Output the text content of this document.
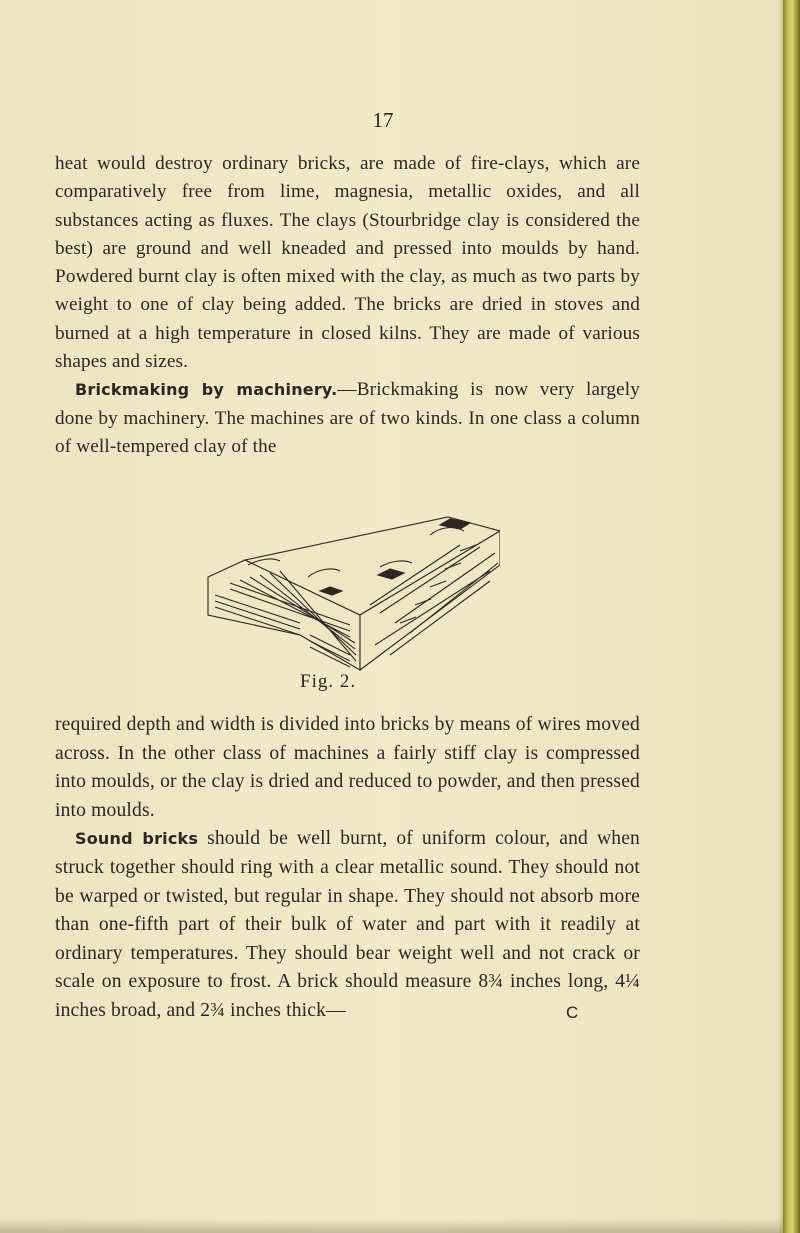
17

heat would destroy ordinary bricks, are made of fire-clays, which are comparatively free from lime, magnesia, metallic oxides, and all substances acting as fluxes. The clays (Stourbridge clay is considered the best) are ground and well kneaded and pressed into moulds by hand. Powdered burnt clay is often mixed with the clay, as much as two parts by weight to one of clay being added. The bricks are dried in stoves and burned at a high temperature in closed kilns. They are made of various shapes and sizes.

Brickmaking by machinery.—Brickmaking is now very largely done by machinery. The machines are of two kinds. In one class a column of well-tempered clay of the

Fig. 2.

required depth and width is divided into bricks by means of wires moved across. In the other class of machines a fairly stiff clay is compressed into moulds, or the clay is dried and reduced to powder, and then pressed into moulds.

Sound bricks should be well burnt, of uniform colour, and when struck together should ring with a clear metallic sound. They should not be warped or twisted, but regular in shape. They should not absorb more than one-fifth part of their bulk of water and part with it readily at ordinary temperatures. They should bear weight well and not crack or scale on exposure to frost. A brick should measure 8¾ inches long, 4¼ inches broad, and 2¾ inches thick—	C
